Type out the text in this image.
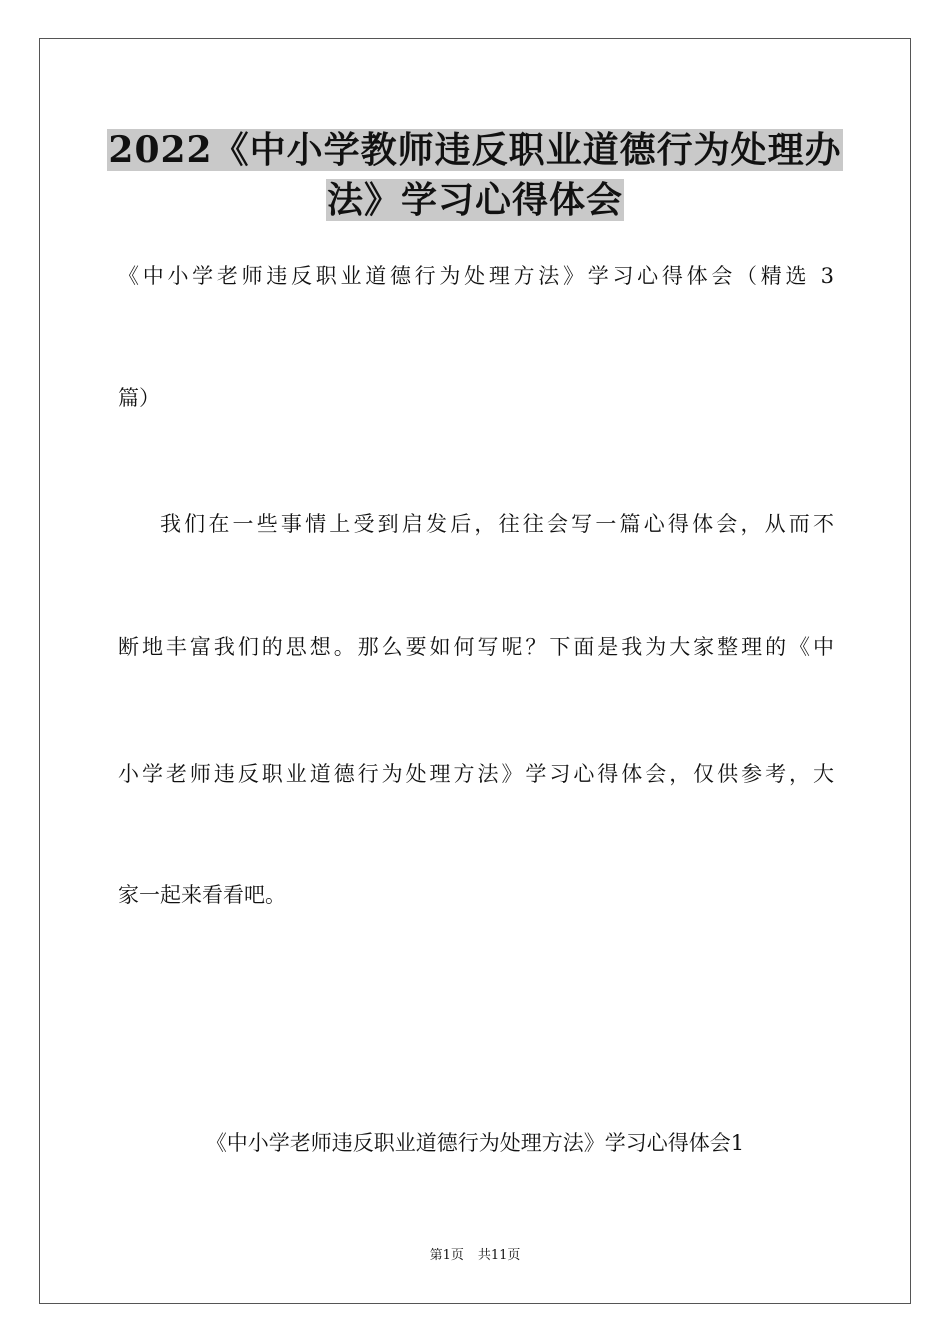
2022《中小学教师违反职业道德行为处理办
法》学习心得体会
《中小学老师违反职业道德行为处理方法》学习心得体会（精选 3
篇）
我们在一些事情上受到启发后，往往会写一篇心得体会，从而不
断地丰富我们的思想。那么要如何写呢？下面是我为大家整理的《中
小学老师违反职业道德行为处理方法》学习心得体会，仅供参考，大
家一起来看看吧。
《中小学老师违反职业道德行为处理方法》学习心得体会1
第1页 共11页
